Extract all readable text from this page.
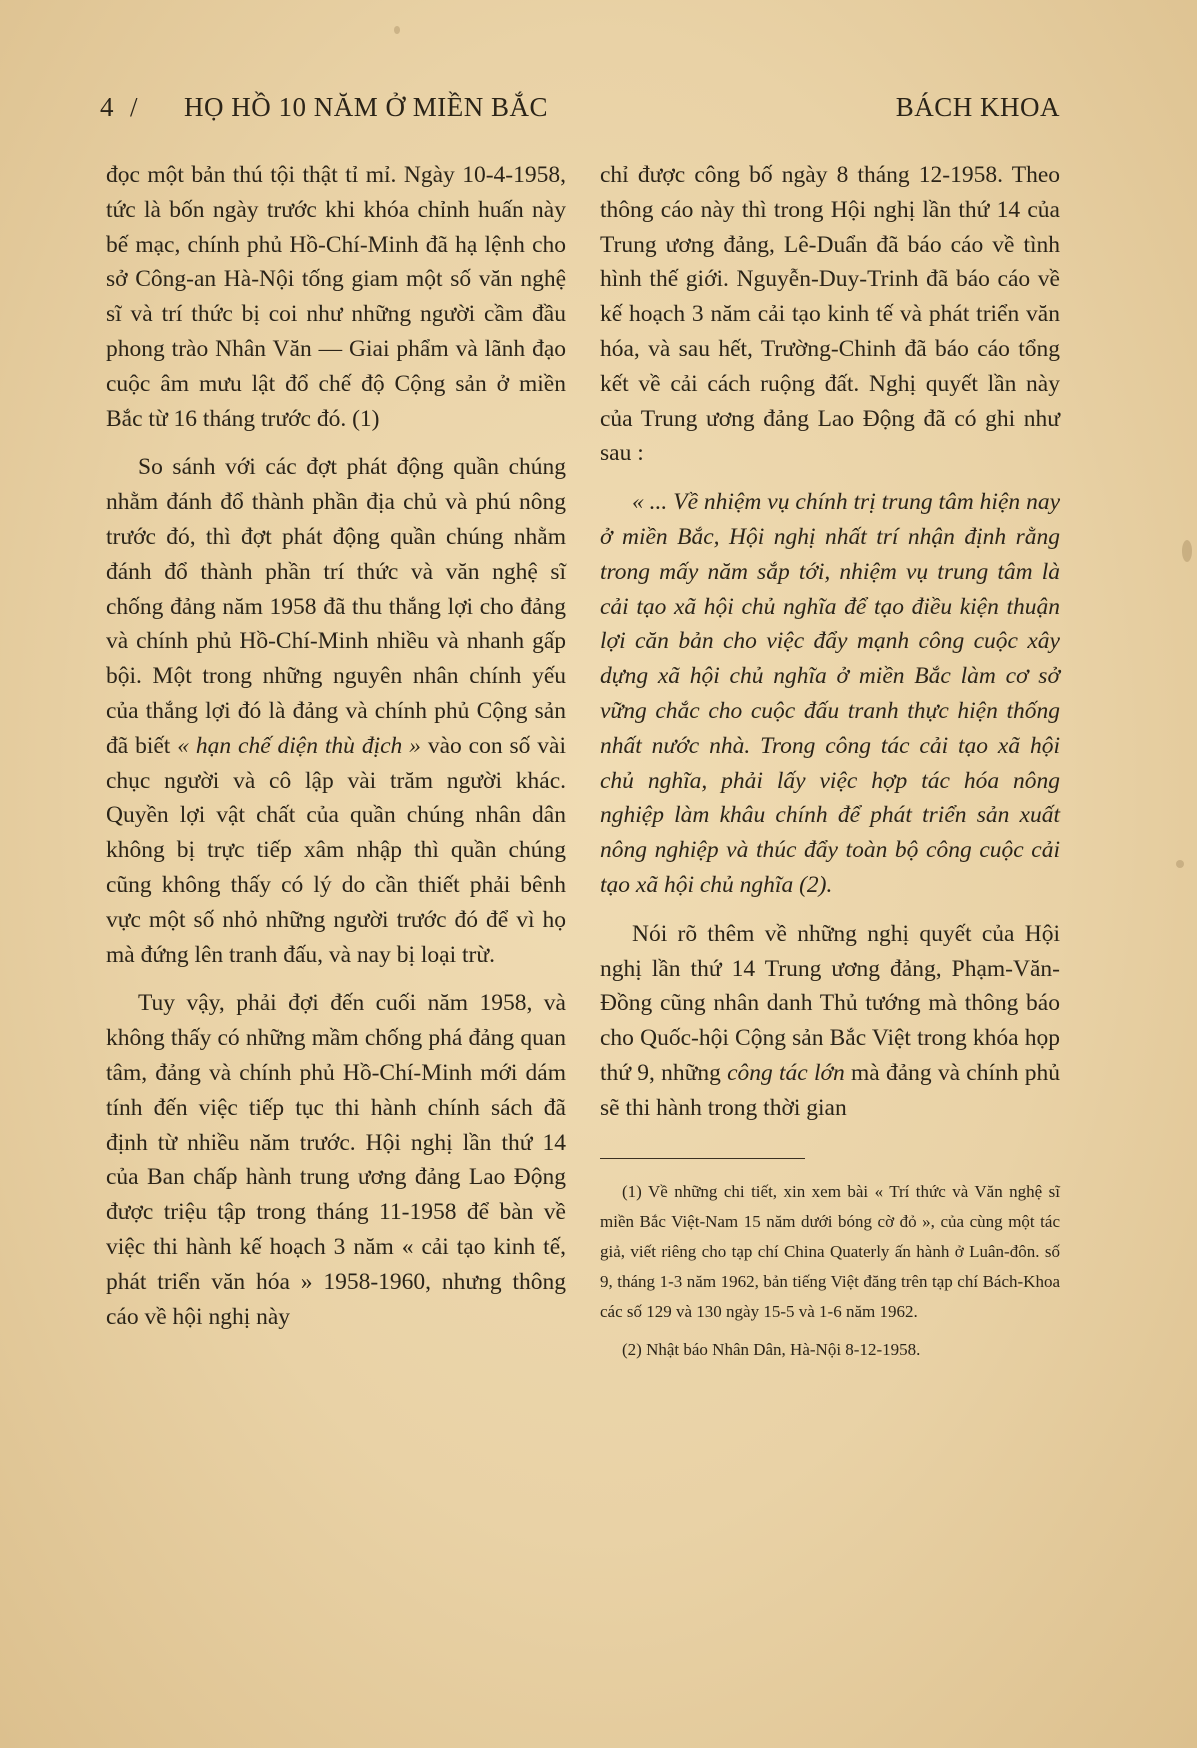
4 / HỌ HỒ 10 NĂM Ở MIỀN BẮC	BÁCH KHOA

đọc một bản thú tội thật tỉ mỉ. Ngày 10-4-1958, tức là bốn ngày trước khi khóa chỉnh huấn này bế mạc, chính phủ Hồ-Chí-Minh đã hạ lệnh cho sở Công-an Hà-Nội tống giam một số văn nghệ sĩ và trí thức bị coi như những người cầm đầu phong trào Nhân Văn — Giai phẩm và lãnh đạo cuộc âm mưu lật đổ chế độ Cộng sản ở miền Bắc từ 16 tháng trước đó. (1)

So sánh với các đợt phát động quần chúng nhằm đánh đổ thành phần địa chủ và phú nông trước đó, thì đợt phát động quần chúng nhằm đánh đổ thành phần trí thức và văn nghệ sĩ chống đảng năm 1958 đã thu thắng lợi cho đảng và chính phủ Hồ-Chí-Minh nhiều và nhanh gấp bội. Một trong những nguyên nhân chính yếu của thắng lợi đó là đảng và chính phủ Cộng sản đã biết « hạn chế diện thù địch » vào con số vài chục người và cô lập vài trăm người khác. Quyền lợi vật chất của quần chúng nhân dân không bị trực tiếp xâm nhập thì quần chúng cũng không thấy có lý do cần thiết phải bênh vực một số nhỏ những người trước đó để vì họ mà đứng lên tranh đấu, và nay bị loại trừ.

Tuy vậy, phải đợi đến cuối năm 1958, và không thấy có những mầm chống phá đảng quan tâm, đảng và chính phủ Hồ-Chí-Minh mới dám tính đến việc tiếp tục thi hành chính sách đã định từ nhiều năm trước. Hội nghị lần thứ 14 của Ban chấp hành trung ương đảng Lao Động được triệu tập trong tháng 11-1958 để bàn về việc thi hành kế hoạch 3 năm « cải tạo kinh tế, phát triển văn hóa » 1958-1960, nhưng thông cáo về hội nghị này

chỉ được công bố ngày 8 tháng 12-1958. Theo thông cáo này thì trong Hội nghị lần thứ 14 của Trung ương đảng, Lê-Duẩn đã báo cáo về tình hình thế giới. Nguyễn-Duy-Trinh đã báo cáo về kế hoạch 3 năm cải tạo kinh tế và phát triển văn hóa, và sau hết, Trường-Chinh đã báo cáo tổng kết về cải cách ruộng đất. Nghị quyết lần này của Trung ương đảng Lao Động đã có ghi như sau :

« ... Về nhiệm vụ chính trị trung tâm hiện nay ở miền Bắc, Hội nghị nhất trí nhận định rằng trong mấy năm sắp tới, nhiệm vụ trung tâm là cải tạo xã hội chủ nghĩa để tạo điều kiện thuận lợi căn bản cho việc đẩy mạnh công cuộc xây dựng xã hội chủ nghĩa ở miền Bắc làm cơ sở vững chắc cho cuộc đấu tranh thực hiện thống nhất nước nhà. Trong công tác cải tạo xã hội chủ nghĩa, phải lấy việc hợp tác hóa nông nghiệp làm khâu chính để phát triển sản xuất nông nghiệp và thúc đẩy toàn bộ công cuộc cải tạo xã hội chủ nghĩa (2).

Nói rõ thêm về những nghị quyết của Hội nghị lần thứ 14 Trung ương đảng, Phạm-Văn-Đồng cũng nhân danh Thủ tướng mà thông báo cho Quốc-hội Cộng sản Bắc Việt trong khóa họp thứ 9, những công tác lớn mà đảng và chính phủ sẽ thi hành trong thời gian

(1) Về những chi tiết, xin xem bài « Trí thức và Văn nghệ sĩ miền Bắc Việt-Nam 15 năm dưới bóng cờ đỏ », của cùng một tác giả, viết riêng cho tạp chí China Quaterly ấn hành ở Luân-đôn. số 9, tháng 1-3 năm 1962, bản tiếng Việt đăng trên tạp chí Bách-Khoa các số 129 và 130 ngày 15-5 và 1-6 năm 1962.

(2) Nhật báo Nhân Dân, Hà-Nội 8-12-1958.
